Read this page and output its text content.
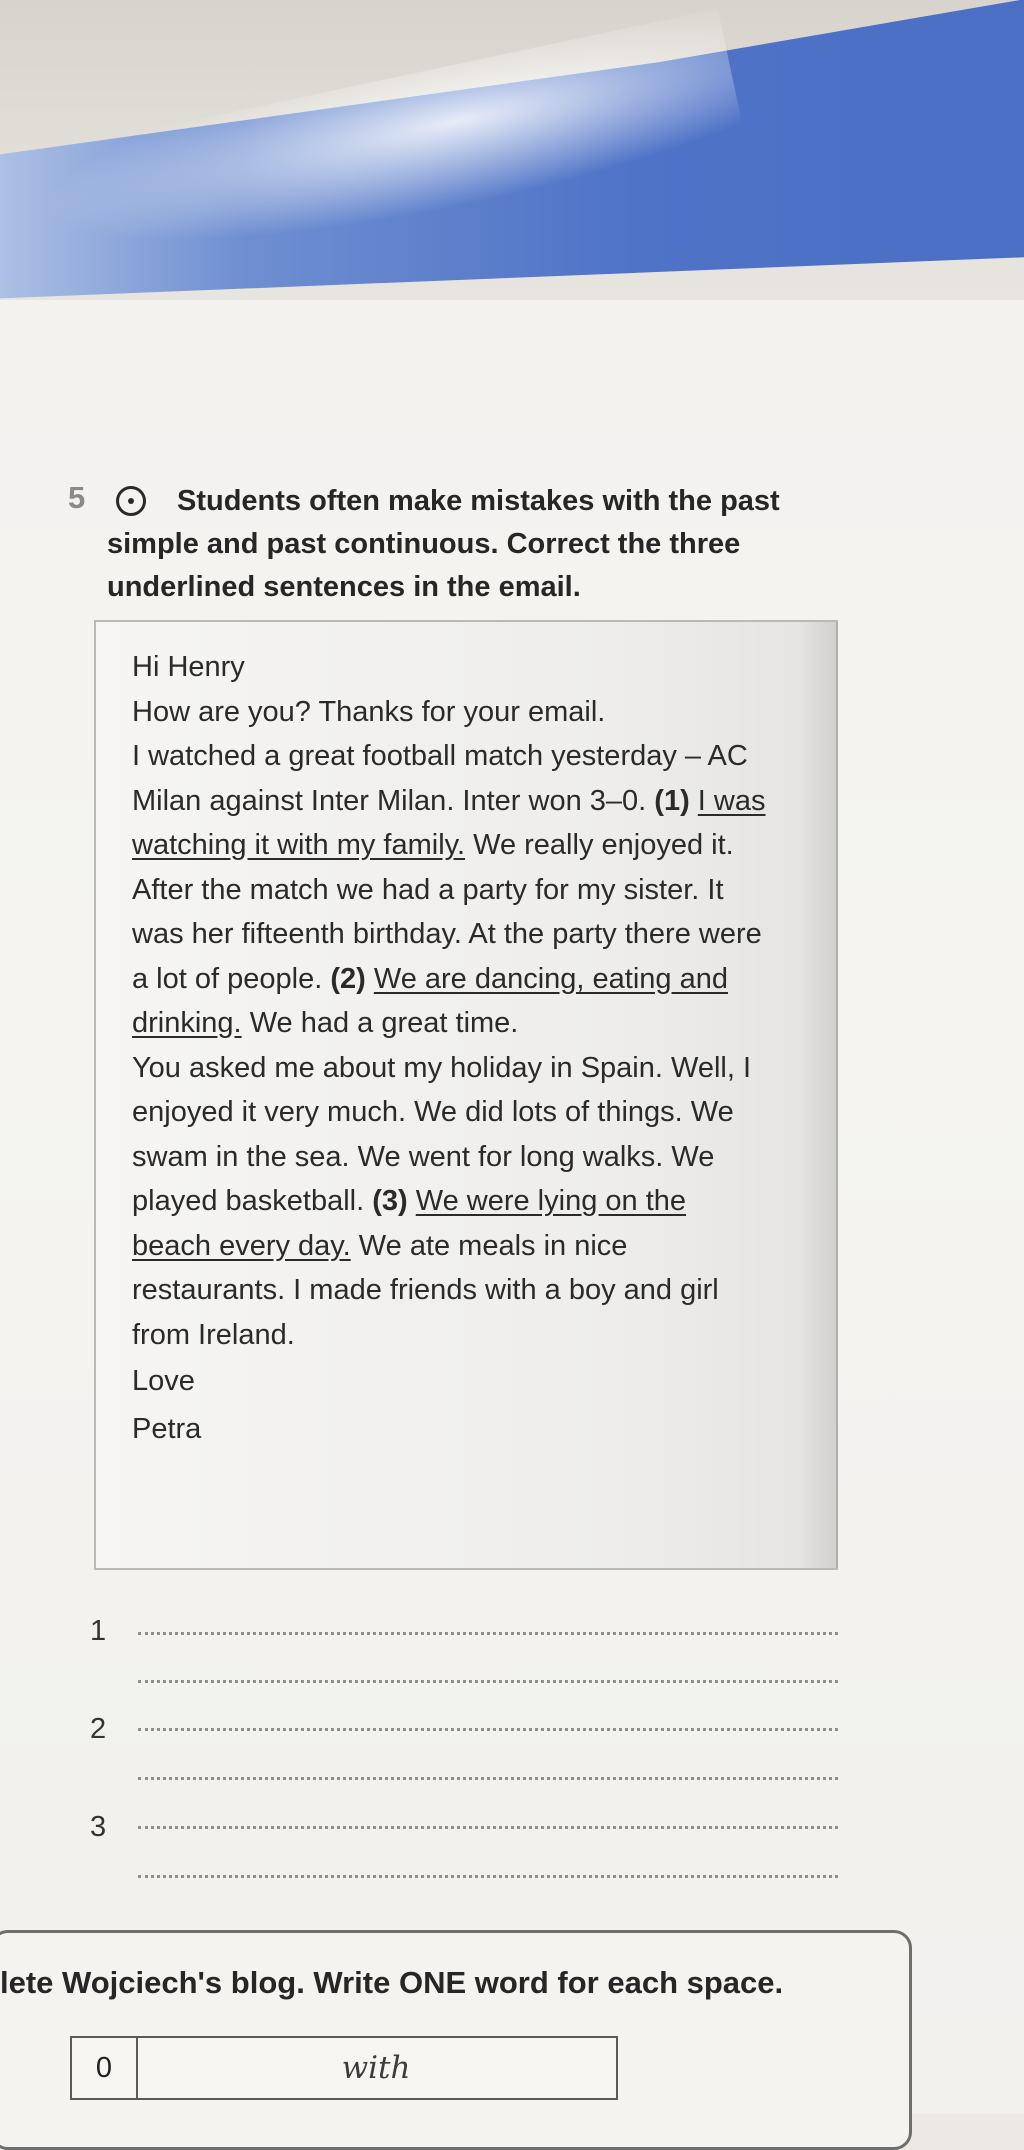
5	Students often make mistakes with the past simple and past continuous. Correct the three underlined sentences in the email.

Hi Henry

How are you? Thanks for your email.

I watched a great football match yesterday – AC Milan against Inter Milan. Inter won 3–0. (1) I was watching it with my family. We really enjoyed it.

After the match we had a party for my sister. It was her fifteenth birthday. At the party there were a lot of people. (2) We are dancing, eating and drinking. We had a great time.

You asked me about my holiday in Spain. Well, I enjoyed it very much. We did lots of things. We swam in the sea. We went for long walks. We played basketball. (3) We were lying on the beach every day. We ate meals in nice restaurants. I made friends with a boy and girl from Ireland.

Love

Petra

1
2
3
lete Wojciech's blog. Write ONE word for each space.
0	with
